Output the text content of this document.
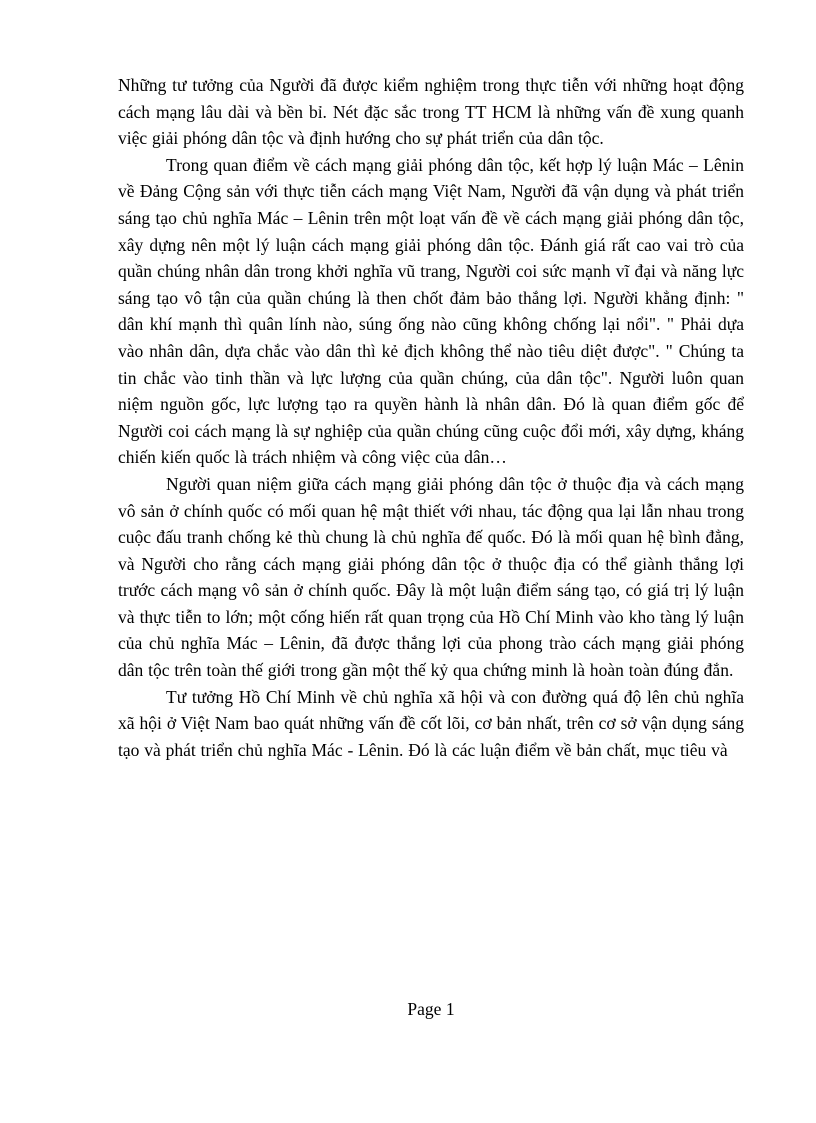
Những tư tưởng của Người đã được kiểm nghiệm trong thực tiễn với những hoạt động cách mạng lâu dài và bền bỉ. Nét đặc sắc trong TT HCM là những vấn đề xung quanh việc giải phóng dân tộc và định hướng cho sự phát triển của dân tộc.

Trong quan điểm về cách mạng giải phóng dân tộc, kết hợp lý luận Mác – Lênin về Đảng Cộng sản với thực tiễn cách mạng Việt Nam, Người đã vận dụng và phát triển sáng tạo chủ nghĩa Mác – Lênin trên một loạt vấn đề về cách mạng giải phóng dân tộc, xây dựng nên một lý luận cách mạng giải phóng dân tộc. Đánh giá rất cao vai trò của quần chúng nhân dân trong khởi nghĩa vũ trang, Người coi sức mạnh vĩ đại và năng lực sáng tạo vô tận của quần chúng là then chốt đảm bảo thắng lợi. Người khẳng định: " dân khí mạnh thì quân lính nào, súng ống nào cũng không chống lại nổi". " Phải dựa vào nhân dân, dựa chắc vào dân thì kẻ địch không thể nào tiêu diệt được". " Chúng ta tin chắc vào tinh thần và lực lượng của quần chúng, của dân tộc". Người luôn quan niệm nguồn gốc, lực lượng tạo ra quyền hành là nhân dân. Đó là quan điểm gốc để Người coi cách mạng là sự nghiệp của quần chúng cũng cuộc đổi mới, xây dựng, kháng chiến kiến quốc là trách nhiệm và công việc của dân…

Người quan niệm giữa cách mạng giải phóng dân tộc ở thuộc địa và cách mạng vô sản ở chính quốc có mối quan hệ mật thiết với nhau, tác động qua lại lẫn nhau trong cuộc đấu tranh chống kẻ thù chung là chủ nghĩa đế quốc. Đó là mối quan hệ bình đẳng, và Người cho rằng cách mạng giải phóng dân tộc ở thuộc địa có thể giành thắng lợi trước cách mạng vô sản ở chính quốc. Đây là một luận điểm sáng tạo, có giá trị lý luận và thực tiễn to lớn; một cống hiến rất quan trọng của Hồ Chí Minh vào kho tàng lý luận của chủ nghĩa Mác – Lênin, đã được thắng lợi của phong trào cách mạng giải phóng dân tộc trên toàn thế giới trong gần một thế kỷ qua chứng minh là hoàn toàn đúng đắn.

Tư tưởng Hồ Chí Minh về chủ nghĩa xã hội và con đường quá độ lên chủ nghĩa xã hội ở Việt Nam bao quát những vấn đề cốt lõi, cơ bản nhất, trên cơ sở vận dụng sáng tạo và phát triển chủ nghĩa Mác - Lênin. Đó là các luận điểm về bản chất, mục tiêu và

Page 1
